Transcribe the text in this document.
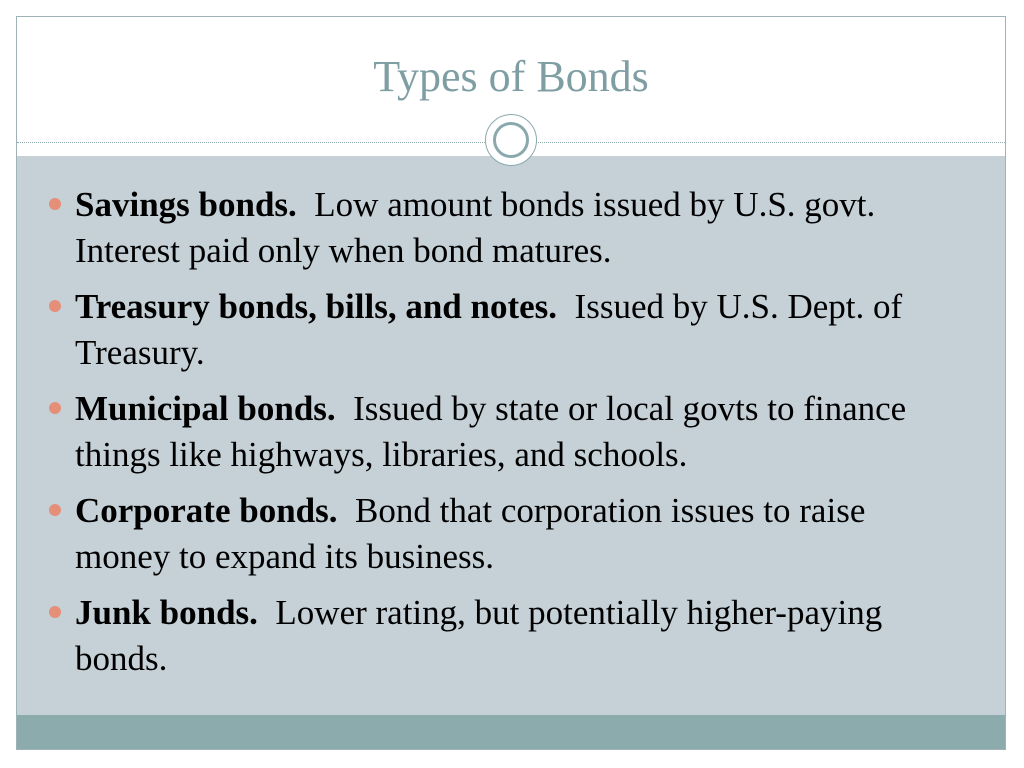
Types of Bonds
Savings bonds. Low amount bonds issued by U.S. govt. Interest paid only when bond matures.
Treasury bonds, bills, and notes. Issued by U.S. Dept. of Treasury.
Municipal bonds. Issued by state or local govts to finance things like highways, libraries, and schools.
Corporate bonds. Bond that corporation issues to raise money to expand its business.
Junk bonds. Lower rating, but potentially higher-paying bonds.
